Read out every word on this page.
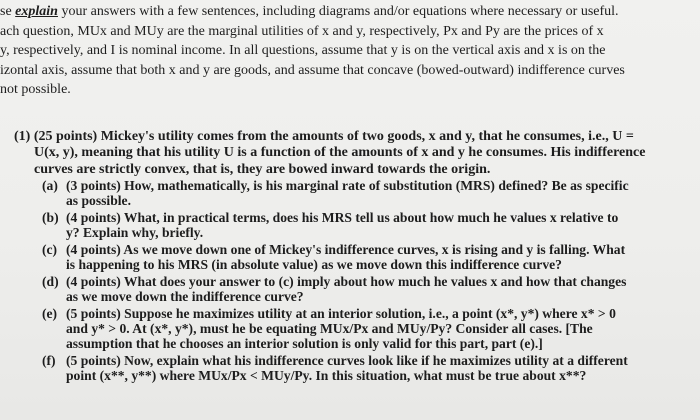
se explain your answers with a few sentences, including diagrams and/or equations where necessary or useful.
ach question, MUx and MUy are the marginal utilities of x and y, respectively, Px and Py are the prices of x
y, respectively, and I is nominal income. In all questions, assume that y is on the vertical axis and x is on the
izontal axis, assume that both x and y are goods, and assume that concave (bowed-outward) indifference curves
not possible.
(1) (25 points) Mickey's utility comes from the amounts of two goods, x and y, that he consumes, i.e., U =
U(x, y), meaning that his utility U is a function of the amounts of x and y he consumes. His indifference
curves are strictly convex, that is, they are bowed inward towards the origin.
(a) (3 points) How, mathematically, is his marginal rate of substitution (MRS) defined? Be as specific
as possible.
(b) (4 points) What, in practical terms, does his MRS tell us about how much he values x relative to
y? Explain why, briefly.
(c) (4 points) As we move down one of Mickey's indifference curves, x is rising and y is falling. What
is happening to his MRS (in absolute value) as we move down this indifference curve?
(d) (4 points) What does your answer to (c) imply about how much he values x and how that changes
as we move down the indifference curve?
(e) (5 points) Suppose he maximizes utility at an interior solution, i.e., a point (x*, y*) where x* > 0
and y* > 0. At (x*, y*), must he be equating MUx/Px and MUy/Py? Consider all cases. [The
assumption that he chooses an interior solution is only valid for this part, part (e).]
(f) (5 points) Now, explain what his indifference curves look like if he maximizes utility at a different
point (x**, y**) where MUx/Px < MUy/Py. In this situation, what must be true about x**?
